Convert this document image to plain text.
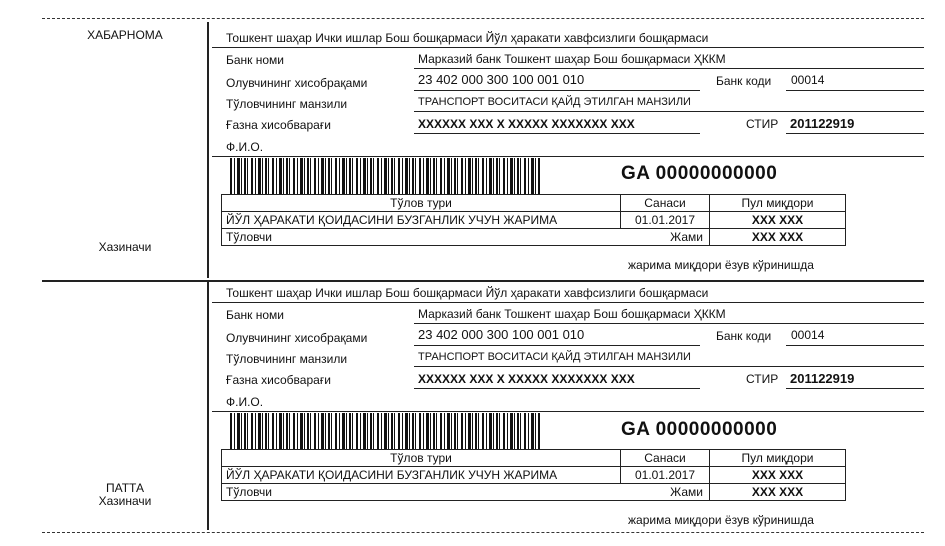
ХАБАРНОМА
Хазиначи
Тошкент шаҳар Ички ишлар Бош бошқармаси Йўл ҳаракати хавфсизлиги бошқармаси
Банк номи	Марказий банк Тошкент шаҳар Бош бошқармаси ҲККМ
Олувчининг хисобрақами	23 402 000 300 100 001 010	Банк коди 00014
Тўловчининг манзили	ТРАНСПОРТ ВОСИТАСИ ҚАЙД ЭТИЛГАН МАНЗИЛИ
Ғазна хисобварағи	ХХХХХХ ХХХ Х ХХХХХ ХХХХХХХ ХХХ	СТИР 201122919
Ф.И.О.
GA 00000000000
Тўлов тури	Санаси	Пул миқдори
ЙЎЛ ҲАРАКАТИ ҚОИДАСИНИ БУЗГАНЛИК УЧУН ЖАРИМА	01.01.2017	ХХХ ХХХ
Тўловчи Жами		ХХХ ХХХ
жарима миқдори ёзув кўринишда
ПАТТА
Хазиначи
Тошкент шаҳар Ички ишлар Бош бошқармаси Йўл ҳаракати хавфсизлиги бошқармаси
Банк номи	Марказий банк Тошкент шаҳар Бош бошқармаси ҲККМ
Олувчининг хисобрақами	23 402 000 300 100 001 010	Банк коди 00014
Тўловчининг манзили	ТРАНСПОРТ ВОСИТАСИ ҚАЙД ЭТИЛГАН МАНЗИЛИ
Ғазна хисобварағи	ХХХХХХ ХХХ Х ХХХХХ ХХХХХХХ ХХХ	СТИР 201122919
Ф.И.О.
GA 00000000000
Тўлов тури	Санаси	Пул миқдори
ЙЎЛ ҲАРАКАТИ ҚОИДАСИНИ БУЗГАНЛИК УЧУН ЖАРИМА	01.01.2017	ХХХ ХХХ
Тўловчи Жами		ХХХ ХХХ
жарима миқдори ёзув кўринишда
